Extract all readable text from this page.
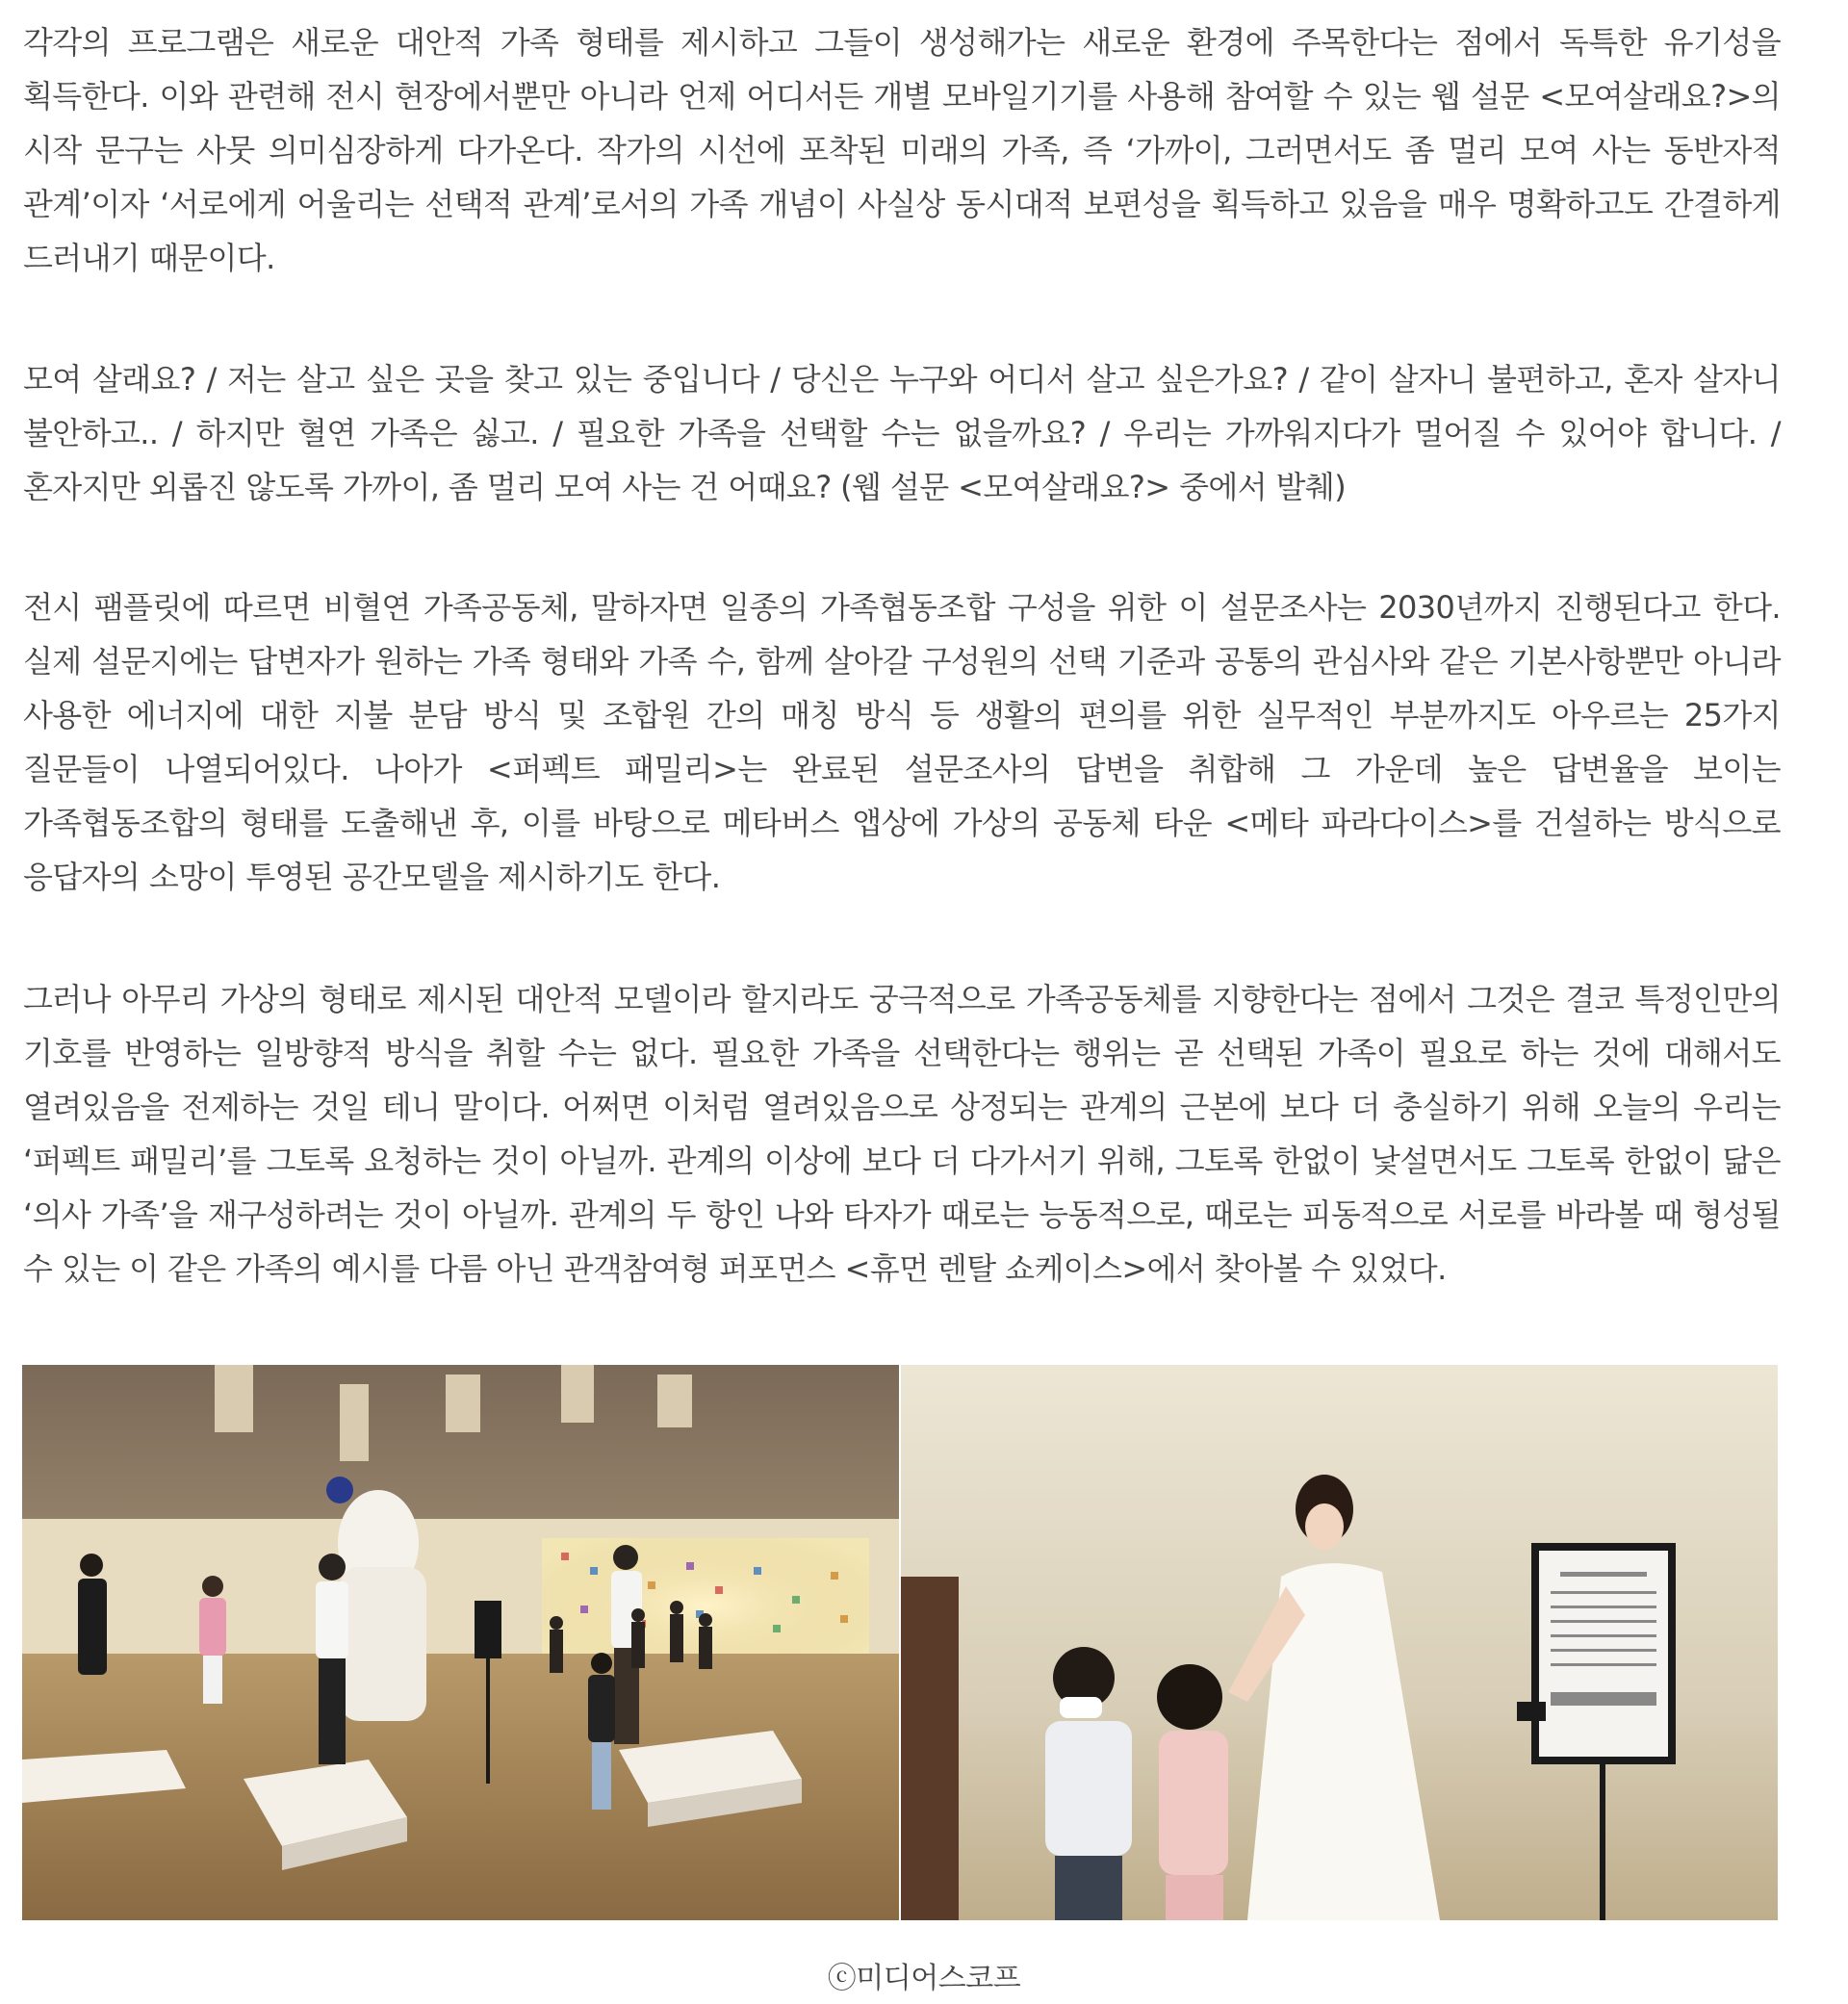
각각의 프로그램은 새로운 대안적 가족 형태를 제시하고 그들이 생성해가는 새로운 환경에 주목한다는 점에서 독특한 유기성을 획득한다. 이와 관련해 전시 현장에서뿐만 아니라 언제 어디서든 개별 모바일기기를 사용해 참여할 수 있는 웹 설문 <모여살래요?>의 시작 문구는 사뭇 의미심장하게 다가온다. 작가의 시선에 포착된 미래의 가족, 즉 ‘가까이, 그러면서도 좀 멀리 모여 사는 동반자적 관계’이자 ‘서로에게 어울리는 선택적 관계’로서의 가족 개념이 사실상 동시대적 보편성을 획득하고 있음을 매우 명확하고도 간결하게 드러내기 때문이다.

모여 살래요? / 저는 살고 싶은 곳을 찾고 있는 중입니다 / 당신은 누구와 어디서 살고 싶은가요? / 같이 살자니 불편하고, 혼자 살자니 불안하고.. / 하지만 혈연 가족은 싫고. / 필요한 가족을 선택할 수는 없을까요? / 우리는 가까워지다가 멀어질 수 있어야 합니다. / 혼자지만 외롭진 않도록 가까이, 좀 멀리 모여 사는 건 어때요? (웹 설문 <모여살래요?> 중에서 발췌)

전시 팸플릿에 따르면 비혈연 가족공동체, 말하자면 일종의 가족협동조합 구성을 위한 이 설문조사는 2030년까지 진행된다고 한다. 실제 설문지에는 답변자가 원하는 가족 형태와 가족 수, 함께 살아갈 구성원의 선택 기준과 공통의 관심사와 같은 기본사항뿐만 아니라 사용한 에너지에 대한 지불 분담 방식 및 조합원 간의 매칭 방식 등 생활의 편의를 위한 실무적인 부분까지도 아우르는 25가지 질문들이 나열되어있다. 나아가 <퍼펙트 패밀리>는 완료된 설문조사의 답변을 취합해 그 가운데 높은 답변율을 보이는 가족협동조합의 형태를 도출해낸 후, 이를 바탕으로 메타버스 앱상에 가상의 공동체 타운 <메타 파라다이스>를 건설하는 방식으로 응답자의 소망이 투영된 공간모델을 제시하기도 한다.

그러나 아무리 가상의 형태로 제시된 대안적 모델이라 할지라도 궁극적으로 가족공동체를 지향한다는 점에서 그것은 결코 특정인만의 기호를 반영하는 일방향적 방식을 취할 수는 없다. 필요한 가족을 선택한다는 행위는 곧 선택된 가족이 필요로 하는 것에 대해서도 열려있음을 전제하는 것일 테니 말이다. 어쩌면 이처럼 열려있음으로 상정되는 관계의 근본에 보다 더 충실하기 위해 오늘의 우리는 ‘퍼펙트 패밀리’를 그토록 요청하는 것이 아닐까. 관계의 이상에 보다 더 다가서기 위해, 그토록 한없이 낯설면서도 그토록 한없이 닮은 ‘의사 가족’을 재구성하려는 것이 아닐까. 관계의 두 항인 나와 타자가 때로는 능동적으로, 때로는 피동적으로 서로를 바라볼 때 형성될 수 있는 이 같은 가족의 예시를 다름 아닌 관객참여형 퍼포먼스 <휴먼 렌탈 쇼케이스>에서 찾아볼 수 있었다.

ⓒ미디어스코프
